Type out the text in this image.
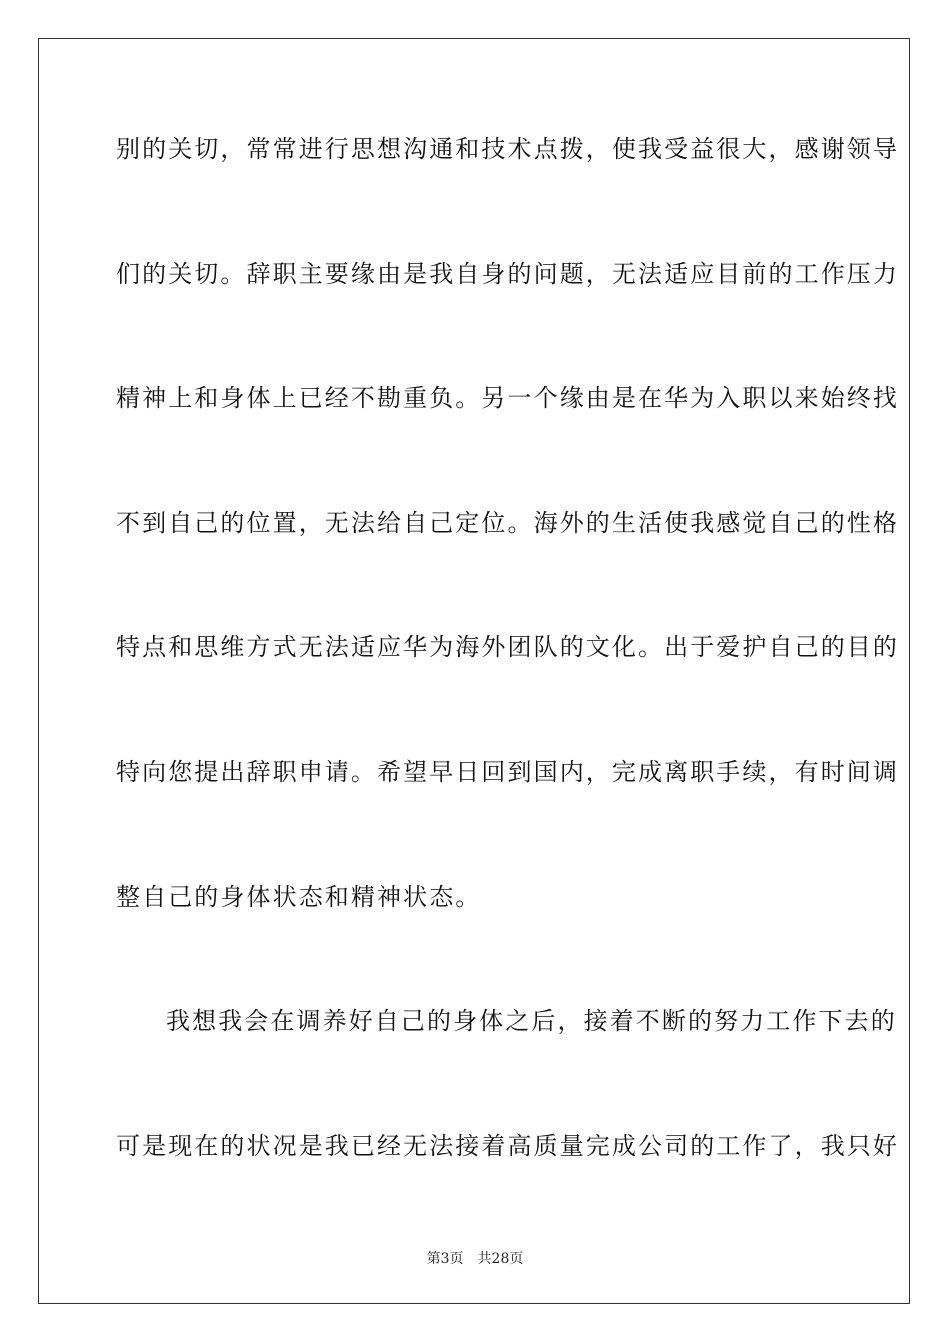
别的关切，常常进行思想沟通和技术点拨，使我受益很大，感谢领导
们的关切。辞职主要缘由是我自身的问题，无法适应目前的工作压力
精神上和身体上已经不勘重负。另一个缘由是在华为入职以来始终找
不到自己的位置，无法给自己定位。海外的生活使我感觉自己的性格
特点和思维方式无法适应华为海外团队的文化。出于爱护自己的目的
特向您提出辞职申请。希望早日回到国内，完成离职手续，有时间调
整自己的身体状态和精神状态。
我想我会在调养好自己的身体之后，接着不断的努力工作下去的
可是现在的状况是我已经无法接着高质量完成公司的工作了，我只好
第3页 共28页
